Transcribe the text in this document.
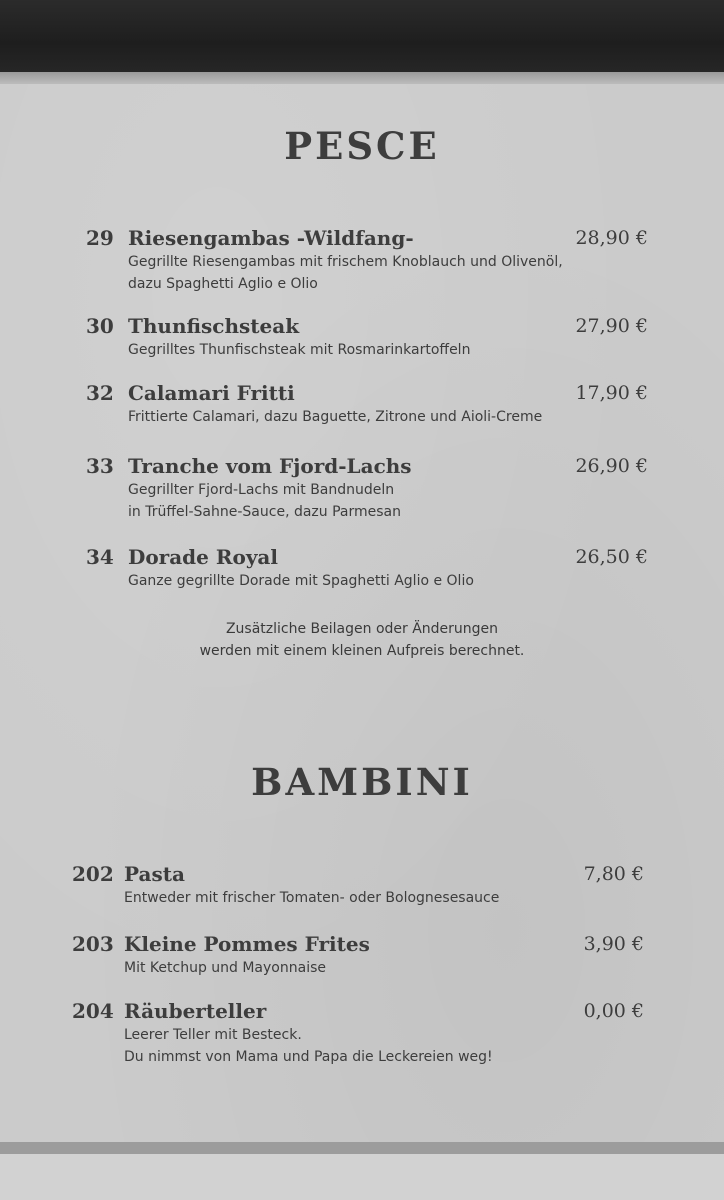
PESCE
29 Riesengambas -Wildfang-	28,90 €
Gegrillte Riesengambas mit frischem Knoblauch und Olivenöl,
dazu Spaghetti Aglio e Olio
30 Thunfischsteak	27,90 €
Gegrilltes Thunfischsteak mit Rosmarinkartoffeln
32 Calamari Fritti	17,90 €
Frittierte Calamari, dazu Baguette, Zitrone und Aioli-Creme
33 Tranche vom Fjord-Lachs	26,90 €
Gegrillter Fjord-Lachs mit Bandnudeln
in Trüffel-Sahne-Sauce, dazu Parmesan
34 Dorade Royal	26,50 €
Ganze gegrillte Dorade mit Spaghetti Aglio e Olio
Zusätzliche Beilagen oder Änderungen
werden mit einem kleinen Aufpreis berechnet.
BAMBINI
202 Pasta	7,80 €
Entweder mit frischer Tomaten- oder Bolognesesauce
203 Kleine Pommes Frites	3,90 €
Mit Ketchup und Mayonnaise
204 Räuberteller	0,00 €
Leerer Teller mit Besteck.
Du nimmst von Mama und Papa die Leckereien weg!
